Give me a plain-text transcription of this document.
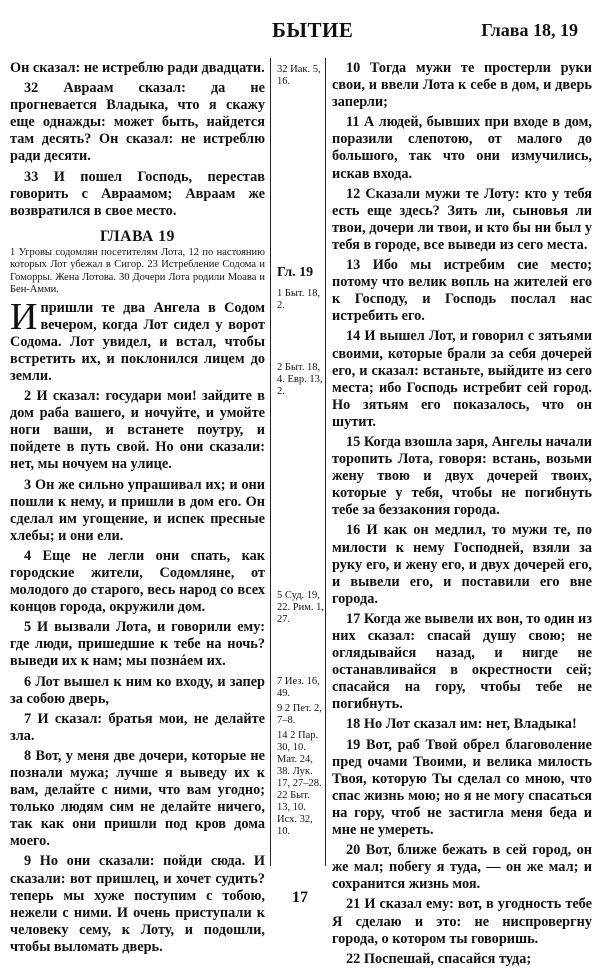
БЫТИЕ	Глава 18, 19

Он сказал: не истреблю ради двадцати.

32 Авраам сказал: да не прогневается Владыка, что я скажу еще однажды: может быть, найдется там десять? Он сказал: не истреблю ради десяти.

33 И пошел Господь, перестав говорить с Авраамом; Авраам же возвратился в свое место.

ГЛАВА 19

1 Угровы содомлян посетителям Лота, 12 по настоянию которых Лот убежал в Сигор. 23 Истребление Содома и Гоморры. Жена Лотова. 30 Дочери Лота родили Моава и Бен-Амми.

Ипришли те два Ангела в Содом вечером, когда Лот сидел у ворот Содома. Лот увидел, и встал, чтобы встретить их, и поклонился лицем до земли.

2 И сказал: государи мои! зайдите в дом раба вашего, и ночуйте, и умойте ноги ваши, и встанете поутру, и пойдете в путь свой. Но они сказали: нет, мы ночуем на улице.

3 Он же сильно упрашивал их; и они пошли к нему, и пришли в дом его. Он сделал им угощение, и испек пресные хлебы; и они ели.

4 Еще не легли они спать, как городские жители, Содомляне, от молодого до старого, весь народ со всех концов города, окружили дом.

5 И вызвали Лота, и говорили ему: где люди, пришедшие к тебе на ночь? выведи их к нам; мы познáем их.

6 Лот вышел к ним ко входу, и запер за собою дверь,

7 И сказал: братья мои, не делайте зла.

8 Вот, у меня две дочери, которые не познали мужа; лучше я выведу их к вам, делайте с ними, что вам угодно; только людям сим не делайте ничего, так как они пришли под кров дома моего.

9 Но они сказали: пойди сюда. И сказали: вот пришлец, и хочет судить? теперь мы хуже поступим с тобою, нежели с ними. И очень приступали к человеку сему, к Лоту, и подошли, чтобы выломать дверь.

32 Иак. 5, 16.
Гл. 19
1 Быт. 18, 2.
2 Быт. 18, 4. Евр. 13, 2.
5 Суд. 19, 22. Рим. 1, 27.
7 Иез. 16, 49.
9 2 Пет. 2, 7–8.
14 2 Пар. 30, 10. Мат. 24, 38. Лук. 17, 27–28.
22 Быт. 13, 10. Исх. 32, 10.

10 Тогда мужи те простерли руки свои, и ввели Лота к себе в дом, и дверь заперли;

11 А людей, бывших при входе в дом, поразили слепотою, от малого до большого, так что они измучились, искав входа.

12 Сказали мужи те Лоту: кто у тебя есть еще здесь? Зять ли, сыновья ли твои, дочери ли твои, и кто бы ни был у тебя в городе, все выведи из сего места.

13 Ибо мы истребим сие место; потому что велик вопль на жителей его к Господу, и Господь послал нас истребить его.

14 И вышел Лот, и говорил с зятьями своими, которые брали за себя дочерей его, и сказал: встаньте, выйдите из сего места; ибо Господь истребит сей город. Но зятьям его показалось, что он шутит.

15 Когда взошла заря, Ангелы начали торопить Лота, говоря: встань, возьми жену твою и двух дочерей твоих, которые у тебя, чтобы не погибнуть тебе за беззакония города.

16 И как он медлил, то мужи те, по милости к нему Господней, взяли за руку его, и жену его, и двух дочерей его, и вывели его, и поставили его вне города.

17 Когда же вывели их вон, то один из них сказал: спасай душу свою; не оглядывайся назад, и нигде не останавливайся в окрестности сей; спасайся на гору, чтобы тебе не погибнуть.

18 Но Лот сказал им: нет, Владыка!

19 Вот, раб Твой обрел благоволение пред очами Твоими, и велика милость Твоя, которую Ты сделал со мною, что спас жизнь мою; но я не могу спасаться на гору, чтоб не застигла меня беда и мне не умереть.

20 Вот, ближе бежать в сей город, он же мал; побегу я туда, — он же мал; и сохранится жизнь моя.

21 И сказал ему: вот, в угодность тебе Я сделаю и это: не ниспровергну города, о котором ты говоришь.

22 Поспешай, спасайся туда;

17
